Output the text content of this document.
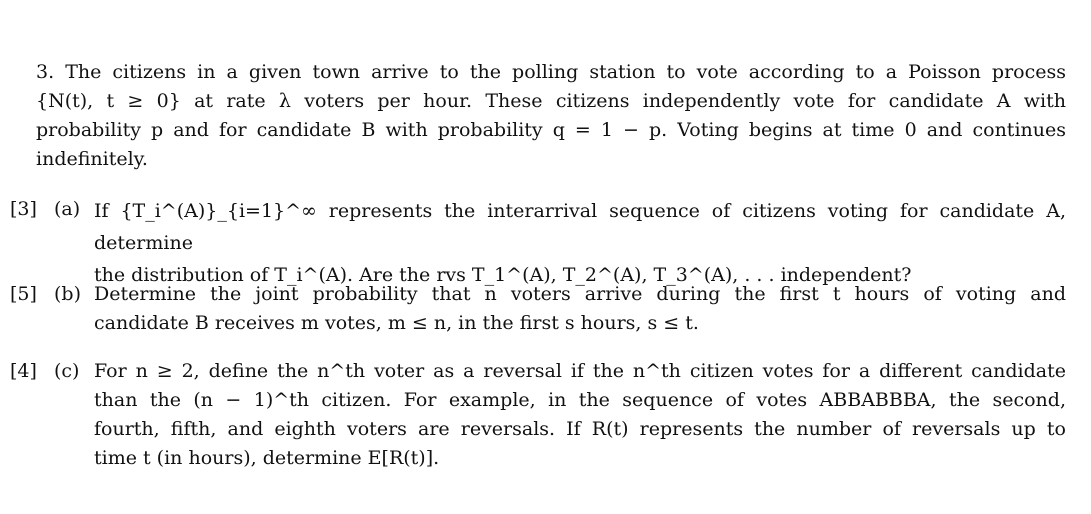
3. The citizens in a given town arrive to the polling station to vote according to a Poisson process
{N(t), t ≥ 0} at rate λ voters per hour. These citizens independently vote for candidate A with
probability p and for candidate B with probability q = 1 − p. Voting begins at time 0 and continues
indefinitely.
[3] (a) If {T_i^(A)}_{i=1}^∞ represents the interarrival sequence of citizens voting for candidate A, determine
the distribution of T_i^(A). Are the rvs T_1^(A), T_2^(A), T_3^(A), . . . independent?
[5] (b) Determine the joint probability that n voters arrive during the first t hours of voting and
candidate B receives m votes, m ≤ n, in the first s hours, s ≤ t.
[4] (c) For n ≥ 2, define the n^th voter as a reversal if the n^th citizen votes for a different candidate
than the (n − 1)^th citizen. For example, in the sequence of votes ABBABBBA, the second,
fourth, fifth, and eighth voters are reversals. If R(t) represents the number of reversals up to
time t (in hours), determine E[R(t)].
